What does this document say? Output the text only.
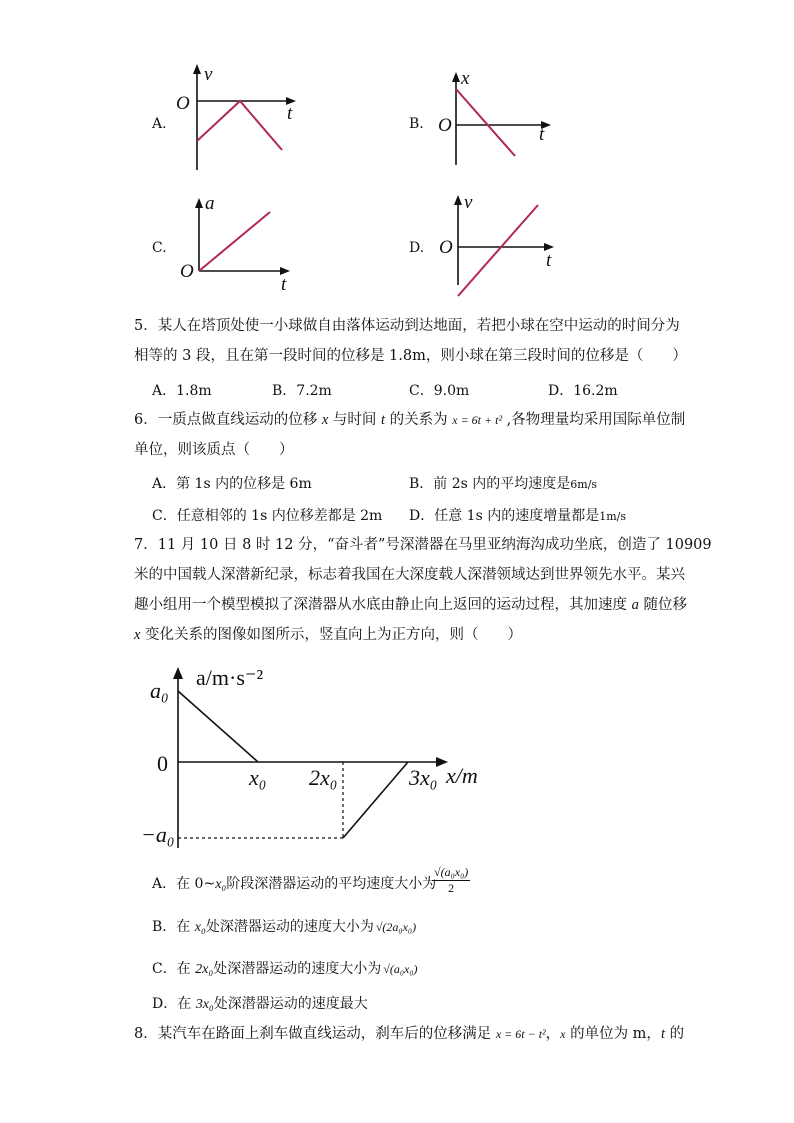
A.
v
O	t	B.
x
O	t
C.
a
O
t
D.
v
O
t
5．某人在塔顶处使一小球做自由落体运动到达地面，若把小球在空中运动的时间分为
相等的 3 段，且在第一段时间的位移是 1.8m，则小球在第三段时间的位移是（　　）
A．1.8m	B．7.2m	C．9.0m	D．16.2m
6．一质点做直线运动的位移 x 与时间 t 的关系为 x = 6t + t² ,各物理量均采用国际单位制
单位，则该质点（　　）
A．第 1s 内的位移是 6m	B．前 2s 内的平均速度是6m/s
C．任意相邻的 1s 内位移差都是 2m D．任意 1s 内的速度增量都是1m/s
7．11 月 10 日 8 时 12 分，“奋斗者”号深潜器在马里亚纳海沟成功坐底，创造了 10909
米的中国载人深潜新纪录，标志着我国在大深度载人深潜领域达到世界领先水平。某兴
趣小组用一个模型模拟了深潜器从水底由静止向上返回的运动过程，其加速度 a 随位移
x 变化关系的图像如图所示，竖直向上为正方向，则（　　）
a/m·s⁻²
a₀
0
−a₀
x₀ 2x₀	3x₀ x/m
A．在 0~x₀阶段深潜器运动的平均速度大小为
$\frac{\text{√(a₀x₀)}}{2}$
B．在 x₀处深潜器运动的速度大小为 √(2a₀x₀)
C．在 2x₀处深潜器运动的速度大小为 √(a₀x₀)
D．在 3x₀处深潜器运动的速度最大
8．某汽车在路面上刹车做直线运动，刹车后的位移满足 x = 6t − t²，x 的单位为 m，t 的
